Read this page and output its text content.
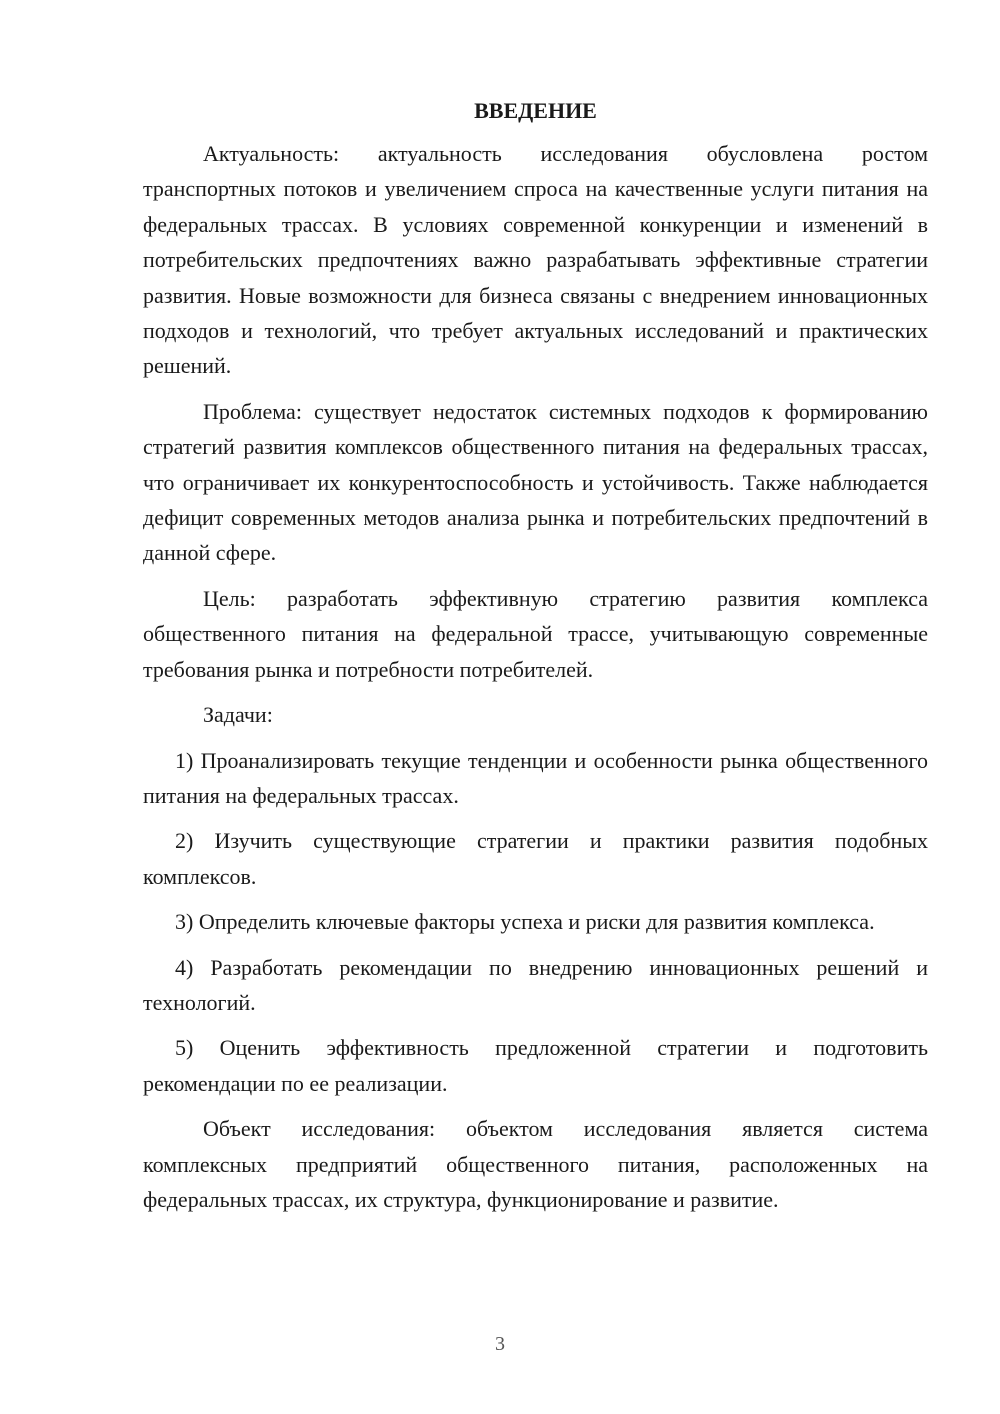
ВВЕДЕНИЕ

Актуальность: актуальность исследования обусловлена ростом транспортных потоков и увеличением спроса на качественные услуги питания на федеральных трассах. В условиях современной конкуренции и изменений в потребительских предпочтениях важно разрабатывать эффективные стратегии развития. Новые возможности для бизнеса связаны с внедрением инновационных подходов и технологий, что требует актуальных исследований и практических решений.

Проблема: существует недостаток системных подходов к формированию стратегий развития комплексов общественного питания на федеральных трассах, что ограничивает их конкурентоспособность и устойчивость. Также наблюдается дефицит современных методов анализа рынка и потребительских предпочтений в данной сфере.

Цель: разработать эффективную стратегию развития комплекса общественного питания на федеральной трассе, учитывающую современные требования рынка и потребности потребителей.

Задачи:

1) Проанализировать текущие тенденции и особенности рынка общественного питания на федеральных трассах.

2) Изучить существующие стратегии и практики развития подобных комплексов.

3) Определить ключевые факторы успеха и риски для развития комплекса.

4) Разработать рекомендации по внедрению инновационных решений и технологий.

5) Оценить эффективность предложенной стратегии и подготовить рекомендации по ее реализации.

Объект исследования: объектом исследования является система комплексных предприятий общественного питания, расположенных на федеральных трассах, их структура, функционирование и развитие.

3
